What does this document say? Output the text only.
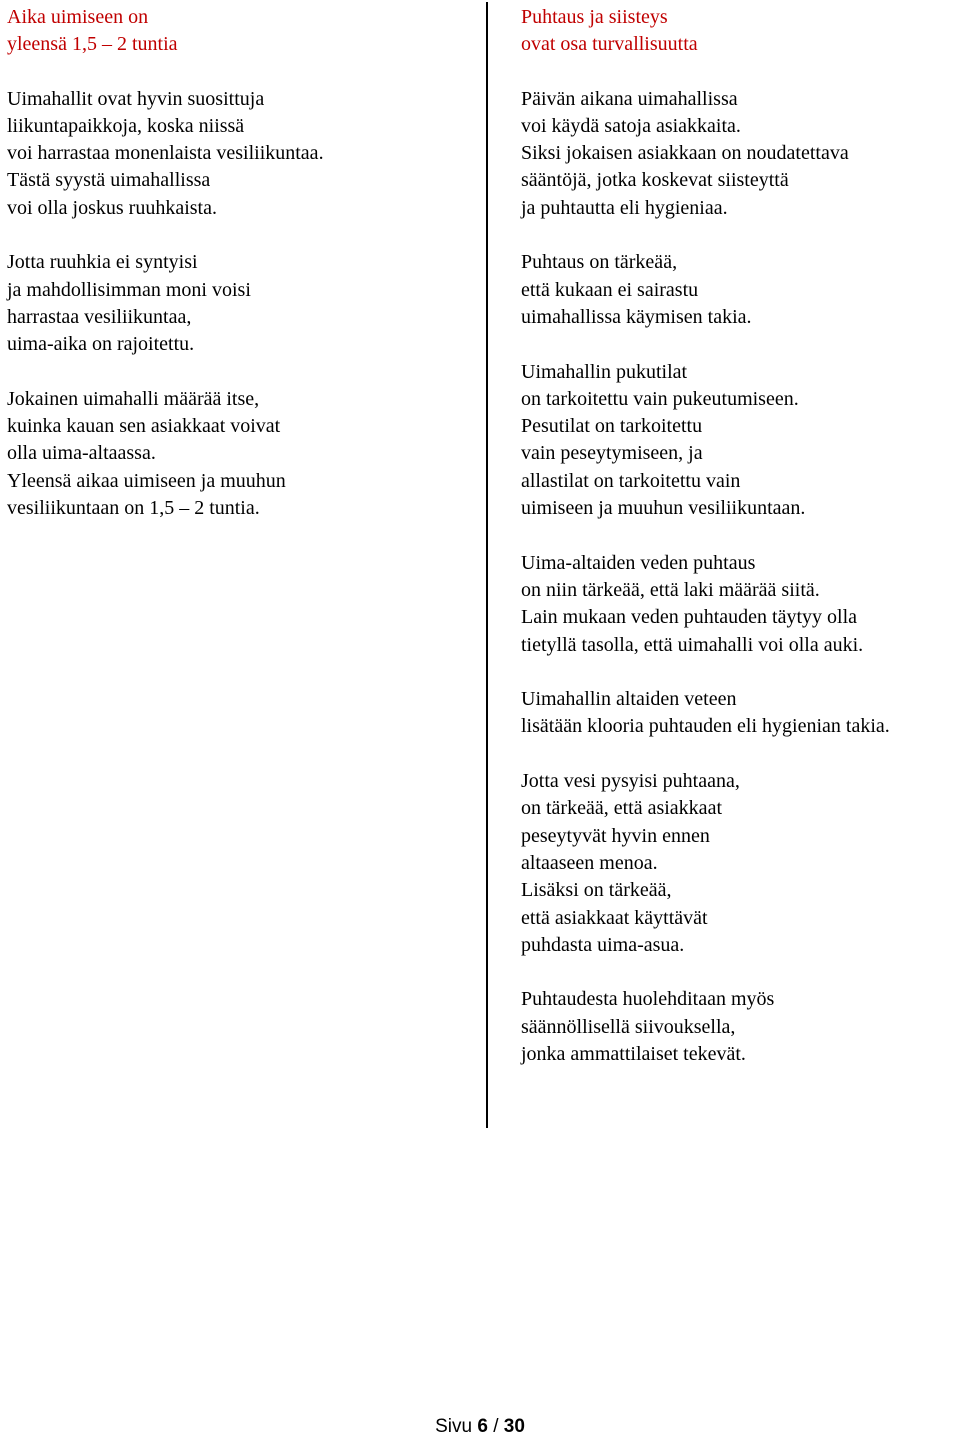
Aika uimiseen on
yleensä 1,5 – 2 tuntia
Uimahallit ovat hyvin suosittuja
liikuntapaikkoja, koska niissä
voi harrastaa monenlaista vesiliikuntaa.
Tästä syystä uimahallissa
voi olla joskus ruuhkaista.
Jotta ruuhkia ei syntyisi
ja mahdollisimman moni voisi
harrastaa vesiliikuntaa,
uima-aika on rajoitettu.
Jokainen uimahalli määrää itse,
kuinka kauan sen asiakkaat voivat
olla uima-altaassa.
Yleensä aikaa uimiseen ja muuhun
vesiliikuntaan on 1,5 – 2 tuntia.
Puhtaus ja siisteys
ovat osa turvallisuutta
Päivän aikana uimahallissa
voi käydä satoja asiakkaita.
Siksi jokaisen asiakkaan on noudatettava
sääntöjä, jotka koskevat siisteyttä
ja puhtautta eli hygieniaa.
Puhtaus on tärkeää,
että kukaan ei sairastu
uimahallissa käymisen takia.
Uimahallin pukutilat
on tarkoitettu vain pukeutumiseen.
Pesutilat on tarkoitettu
vain peseytymiseen, ja
allastilat on tarkoitettu vain
uimiseen ja muuhun vesiliikuntaan.
Uima-altaiden veden puhtaus
on niin tärkeää, että laki määrää siitä.
Lain mukaan veden puhtauden täytyy olla
tietyllä tasolla, että uimahalli voi olla auki.
Uimahallin altaiden veteen
lisätään klooria puhtauden eli hygienian takia.
Jotta vesi pysyisi puhtaana,
on tärkeää, että asiakkaat
peseytyvät hyvin ennen
altaaseen menoa.
Lisäksi on tärkeää,
että asiakkaat käyttävät
puhdasta uima-asua.
Puhtaudesta huolehditaan myös
säännöllisellä siivouksella,
jonka ammattilaiset tekevät.
Sivu 6 / 30
